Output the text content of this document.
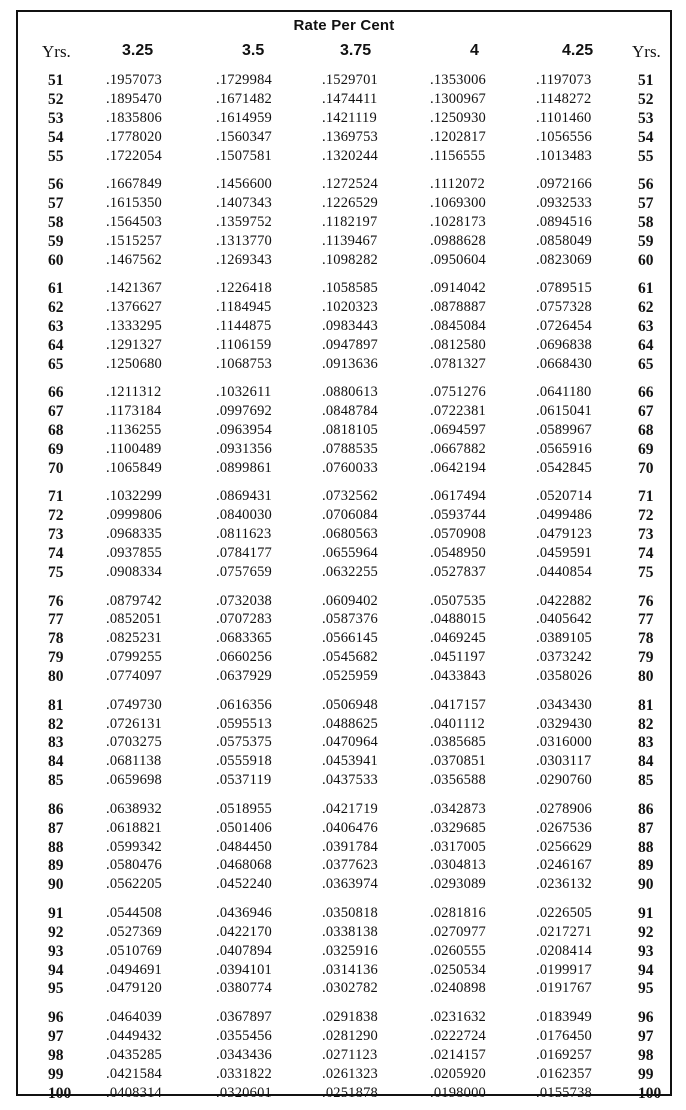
Rate Per Cent
Yrs.	3.25	3.5	3.75	4	4.25 Yrs.
51	.1957073	.1729984	.1529701	.1353006	.1197073	51
52	.1895470	.1671482	.1474411	.1300967	.1148272	52
53	.1835806	.1614959	.1421119	.1250930	.1101460	53
54	.1778020	.1560347	.1369753	.1202817	.1056556	54
55	.1722054	.1507581	.1320244	.1156555	.1013483	55
56	.1667849	.1456600	.1272524	.1112072	.0972166	56
57	.1615350	.1407343	.1226529	.1069300	.0932533	57
58	.1564503	.1359752	.1182197	.1028173	.0894516	58
59	.1515257	.1313770	.1139467	.0988628	.0858049	59
60	.1467562	.1269343	.1098282	.0950604	.0823069	60
61	.1421367	.1226418	.1058585	.0914042	.0789515	61
62	.1376627	.1184945	.1020323	.0878887	.0757328	62
63	.1333295	.1144875	.0983443	.0845084	.0726454	63
64	.1291327	.1106159	.0947897	.0812580	.0696838	64
65	.1250680	.1068753	.0913636	.0781327	.0668430	65
66	.1211312	.1032611	.0880613	.0751276	.0641180	66
67	.1173184	.0997692	.0848784	.0722381	.0615041	67
68	.1136255	.0963954	.0818105	.0694597	.0589967	68
69	.1100489	.0931356	.0788535	.0667882	.0565916	69
70	.1065849	.0899861	.0760033	.0642194	.0542845	70
71	.1032299	.0869431	.0732562	.0617494	.0520714	71
72	.0999806	.0840030	.0706084	.0593744	.0499486	72
73	.0968335	.0811623	.0680563	.0570908	.0479123	73
74	.0937855	.0784177	.0655964	.0548950	.0459591	74
75	.0908334	.0757659	.0632255	.0527837	.0440854	75
76	.0879742	.0732038	.0609402	.0507535	.0422882	76
77	.0852051	.0707283	.0587376	.0488015	.0405642	77
78	.0825231	.0683365	.0566145	.0469245	.0389105	78
79	.0799255	.0660256	.0545682	.0451197	.0373242	79
80	.0774097	.0637929	.0525959	.0433843	.0358026	80
81	.0749730	.0616356	.0506948	.0417157	.0343430	81
82	.0726131	.0595513	.0488625	.0401112	.0329430	82
83	.0703275	.0575375	.0470964	.0385685	.0316000	83
84	.0681138	.0555918	.0453941	.0370851	.0303117	84
85	.0659698	.0537119	.0437533	.0356588	.0290760	85
86	.0638932	.0518955	.0421719	.0342873	.0278906	86
87	.0618821	.0501406	.0406476	.0329685	.0267536	87
88	.0599342	.0484450	.0391784	.0317005	.0256629	88
89	.0580476	.0468068	.0377623	.0304813	.0246167	89
90	.0562205	.0452240	.0363974	.0293089	.0236132	90
91	.0544508	.0436946	.0350818	.0281816	.0226505	91
92	.0527369	.0422170	.0338138	.0270977	.0217271	92
93	.0510769	.0407894	.0325916	.0260555	.0208414	93
94	.0494691	.0394101	.0314136	.0250534	.0199917	94
95	.0479120	.0380774	.0302782	.0240898	.0191767	95
96	.0464039	.0367897	.0291838	.0231632	.0183949	96
97	.0449432	.0355456	.0281290	.0222724	.0176450	97
98	.0435285	.0343436	.0271123	.0214157	.0169257	98
99	.0421584	.0331822	.0261323	.0205920	.0162357	99
100 .0408314	.0320601	.0251878	.0198000	.0155738	100
